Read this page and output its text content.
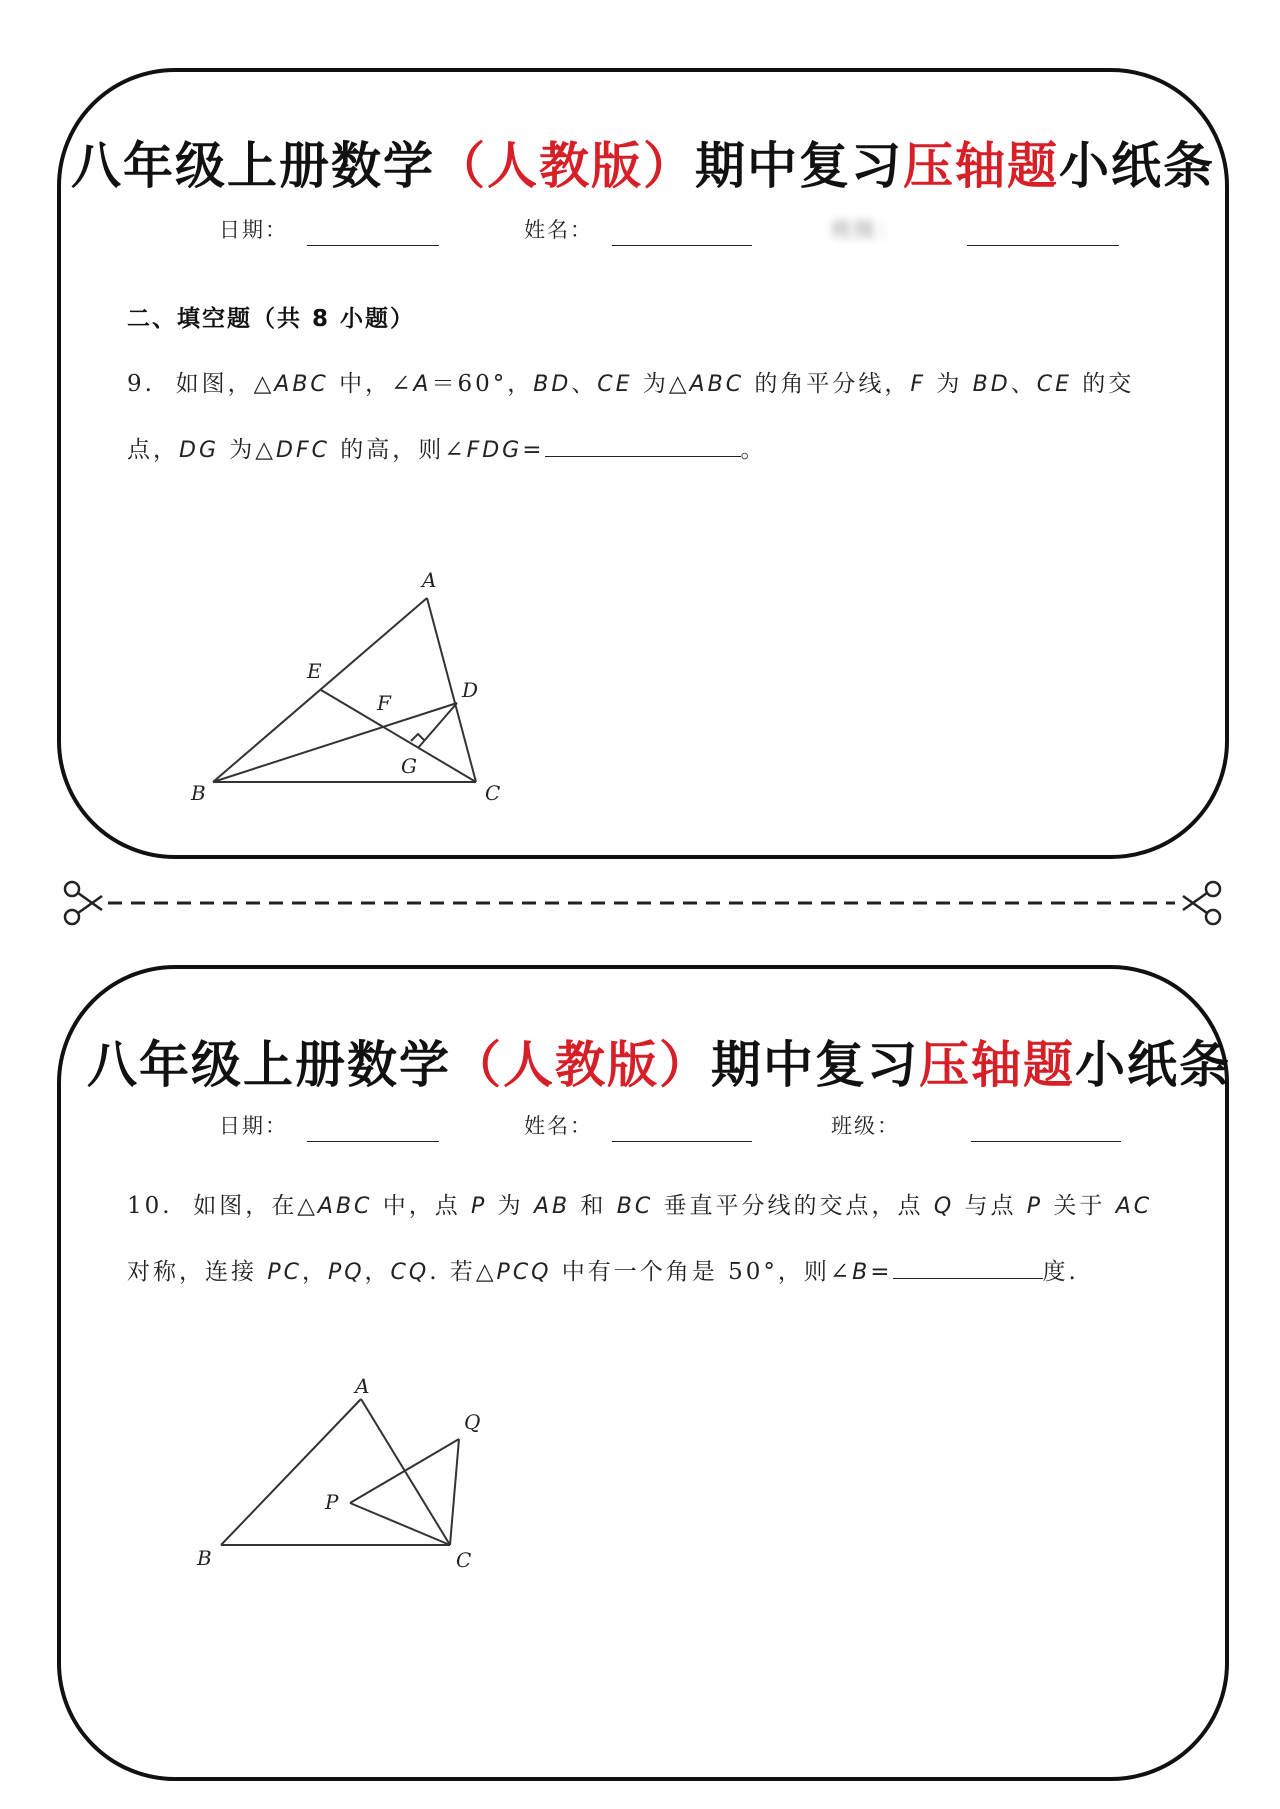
八年级上册数学（人教版）期中复习压轴题小纸条
日期：	姓名：	班级：
二、填空题（共 8 小题）
9. 如图，△ABC 中，∠A＝60°，BD、CE 为△ABC 的角平分线，F 为 BD、CE 的交
点，DG 为△DFC 的高，则∠FDG=	。
A
B	C
D
E
F
G
八年级上册数学（人教版）期中复习压轴题小纸条
日期：	姓名：	班级：
10. 如图，在△ABC 中，点 P 为 AB 和 BC 垂直平分线的交点，点 Q 与点 P 关于 AC
对称，连接 PC，PQ，CQ. 若△PCQ 中有一个角是 50°，则∠B=	度.
A
B	C
P
Q
